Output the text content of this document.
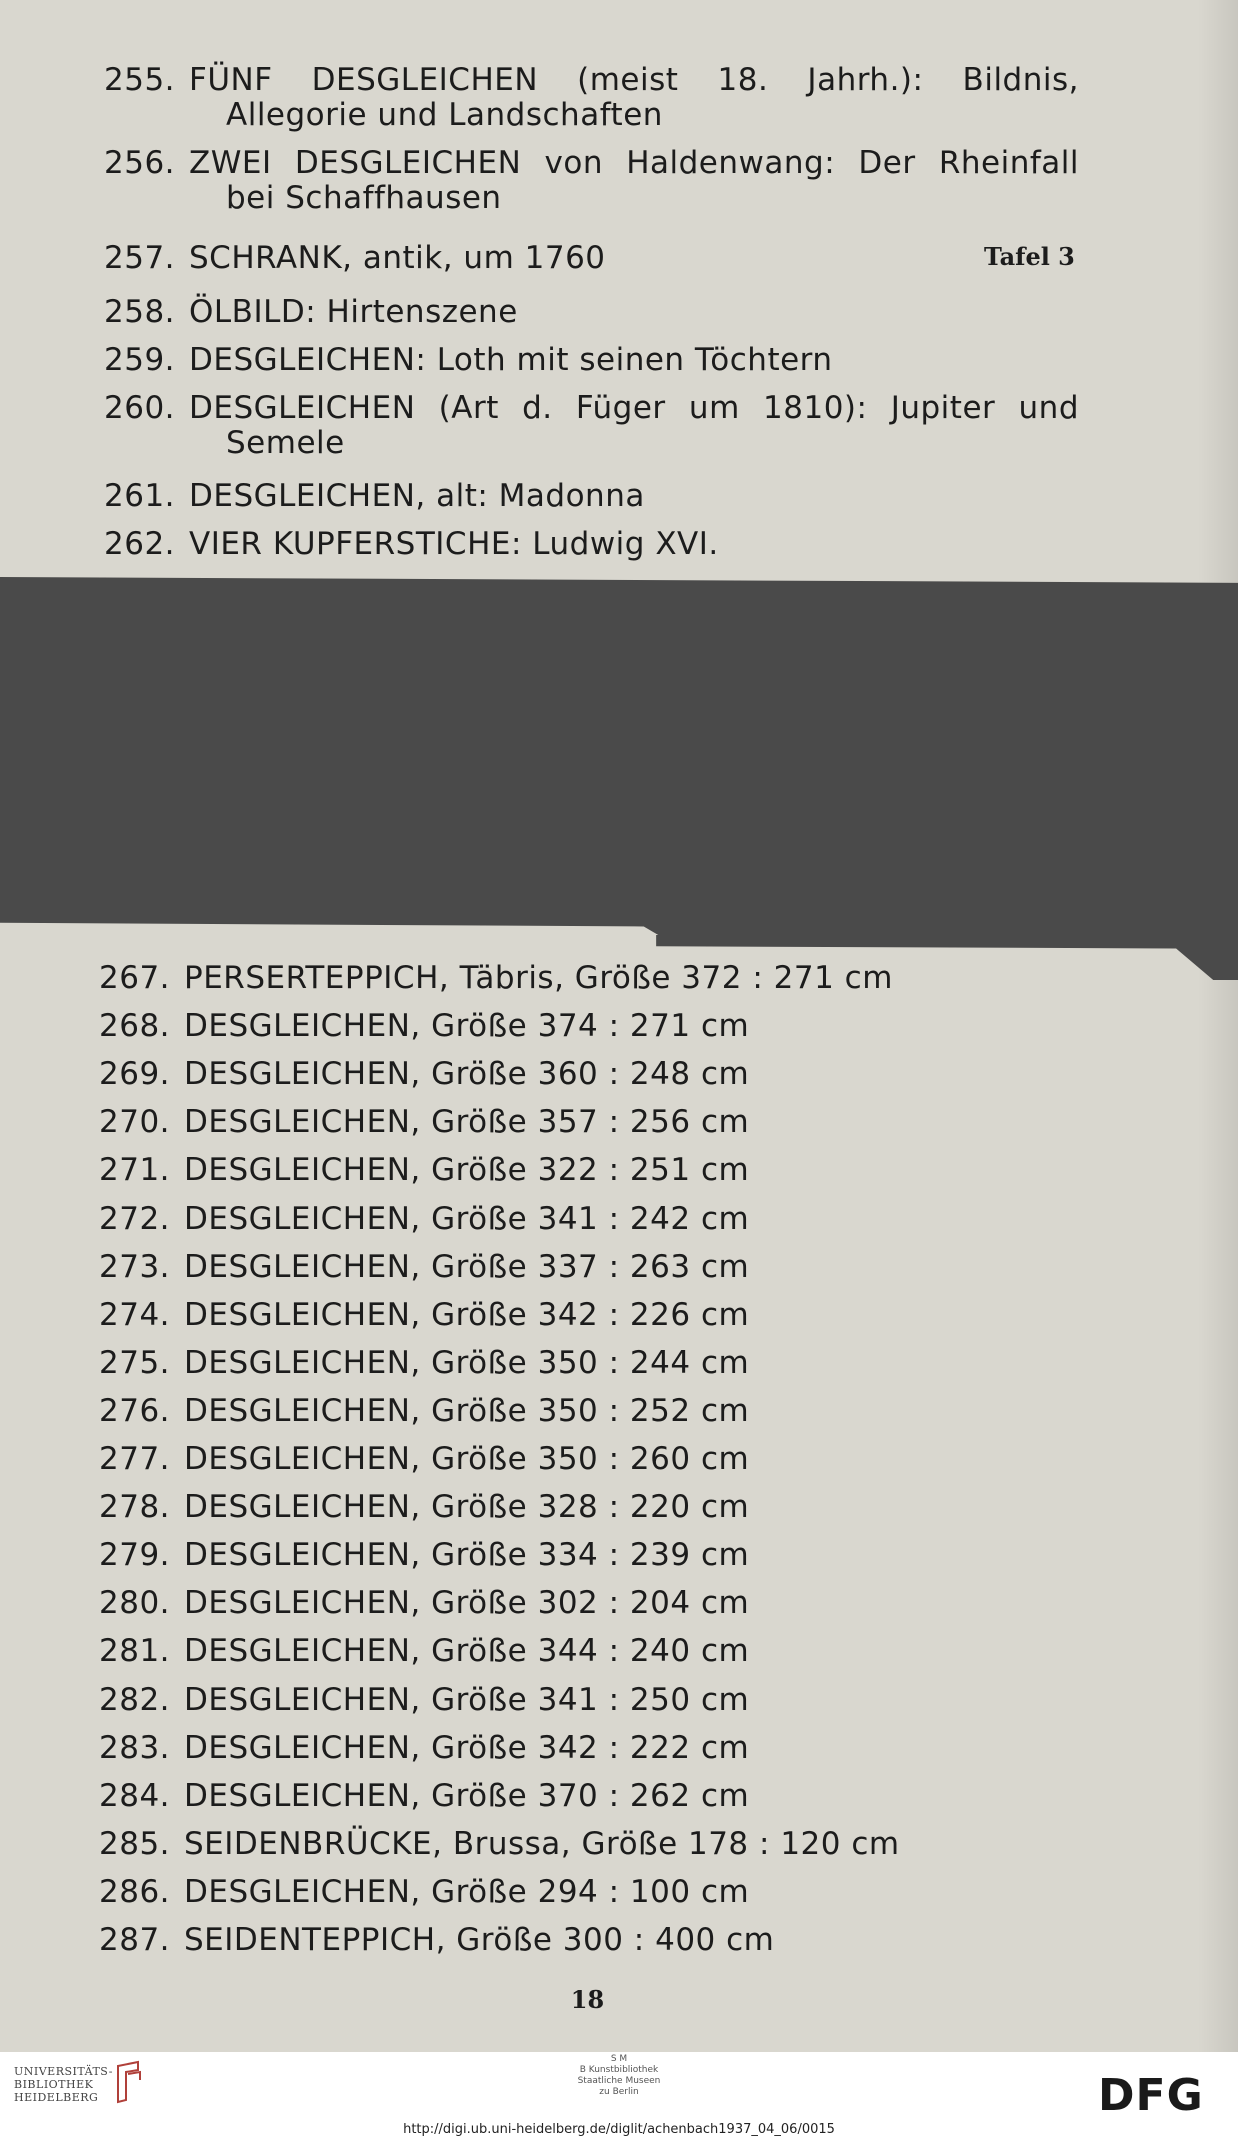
Tafel 3
18
255. FÜNF DESGLEICHEN (meist 18. Jahrh.): Bildnis,
Allegorie und Landschaften
256. ZWEI DESGLEICHEN von Haldenwang: Der Rheinfall
bei Schaffhausen
257. SCHRANK, antik, um 1760
258. ÖLBILD: Hirtenszene
259. DESGLEICHEN: Loth mit seinen Töchtern
260. DESGLEICHEN (Art d. Füger um 1810): Jupiter und
Semele
261. DESGLEICHEN, alt: Madonna
262. VIER KUPFERSTICHE: Ludwig XVI.
267. PERSERTEPPICH, Täbris, Größe 372 : 271 cm
268. DESGLEICHEN, Größe 374 : 271 cm
269. DESGLEICHEN, Größe 360 : 248 cm
270. DESGLEICHEN, Größe 357 : 256 cm
271. DESGLEICHEN, Größe 322 : 251 cm
272. DESGLEICHEN, Größe 341 : 242 cm
273. DESGLEICHEN, Größe 337 : 263 cm
274. DESGLEICHEN, Größe 342 : 226 cm
275. DESGLEICHEN, Größe 350 : 244 cm
276. DESGLEICHEN, Größe 350 : 252 cm
277. DESGLEICHEN, Größe 350 : 260 cm
278. DESGLEICHEN, Größe 328 : 220 cm
279. DESGLEICHEN, Größe 334 : 239 cm
280. DESGLEICHEN, Größe 302 : 204 cm
281. DESGLEICHEN, Größe 344 : 240 cm
282. DESGLEICHEN, Größe 341 : 250 cm
283. DESGLEICHEN, Größe 342 : 222 cm
284. DESGLEICHEN, Größe 370 : 262 cm
285. SEIDENBRÜCKE, Brussa, Größe 178 : 120 cm
286. DESGLEICHEN, Größe 294 : 100 cm
287. SEIDENTEPPICH, Größe 300 : 400 cm
UNIVERSITÄTS-
BIBLIOTHEK
HEIDELBERG
S M
B Kunstbibliothek
Staatliche Museen
zu Berlin	DFG
http://digi.ub.uni-heidelberg.de/diglit/achenbach1937_04_06/0015
